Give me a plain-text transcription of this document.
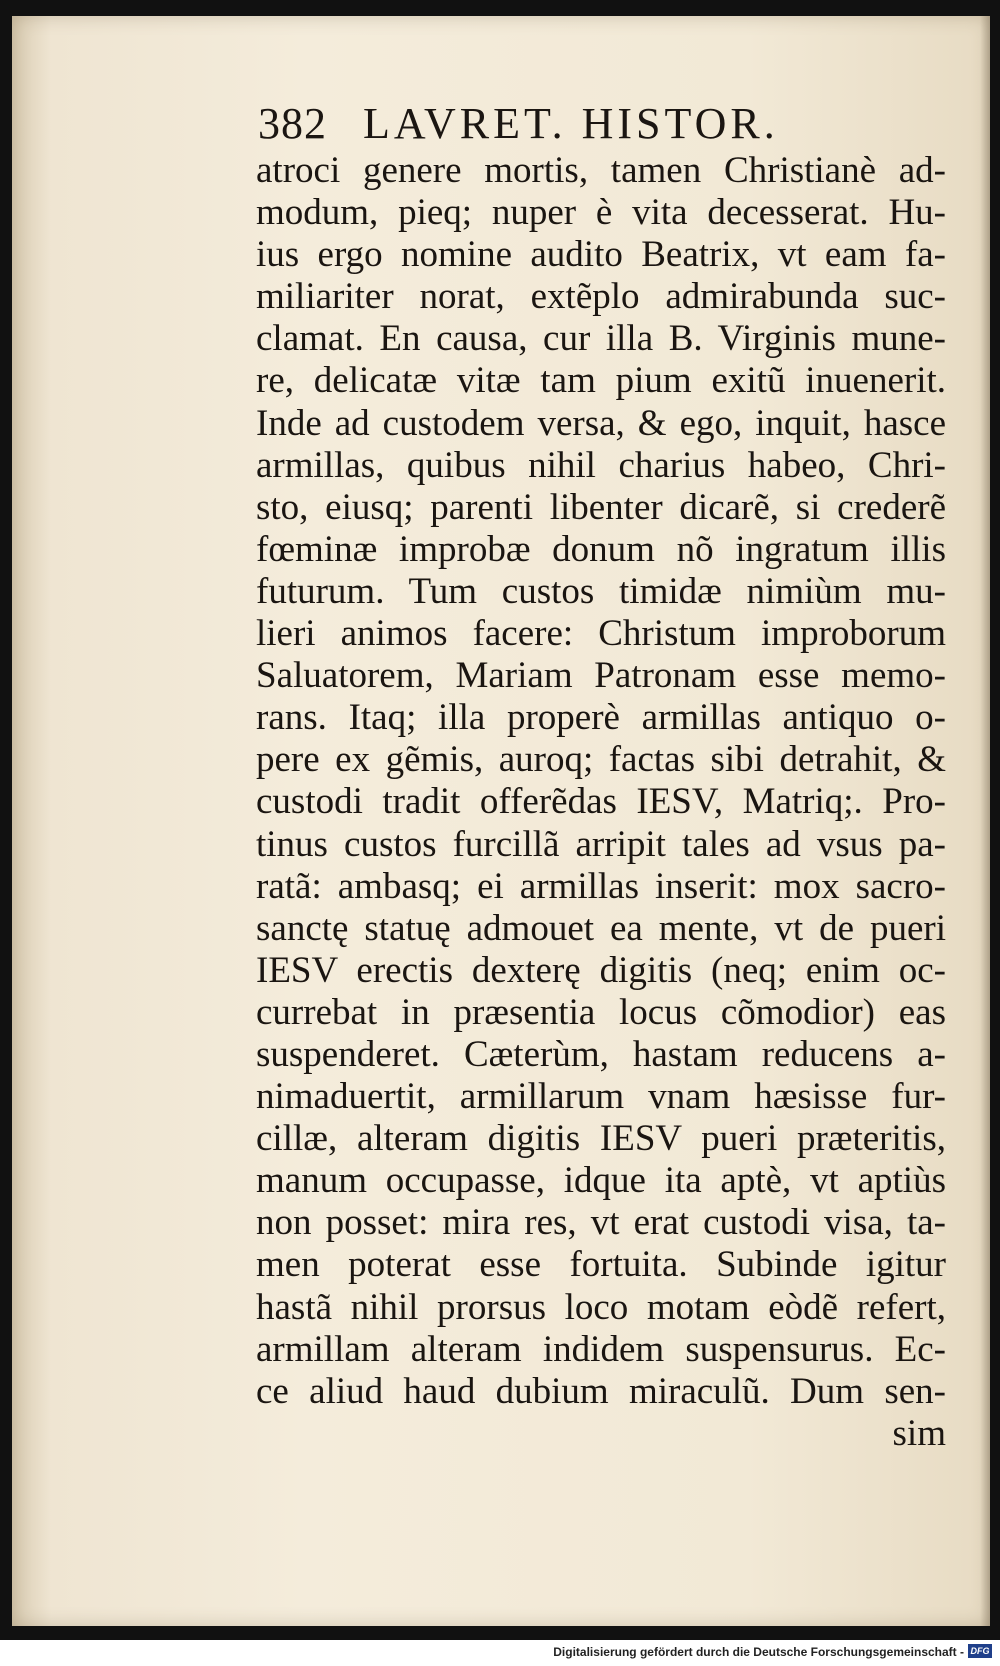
382 LAVRET. HISTOR.
atroci genere mortis, tamen Christianè ad-
modum, pieq; nuper è vita decesserat. Hu-
ius ergo nomine audito Beatrix, vt eam fa-
miliariter norat, extẽplo admirabunda suc-
clamat. En causa, cur illa B. Virginis mune-
re, delicatæ vitæ tam pium exitũ inuenerit.
Inde ad custodem versa, & ego, inquit, hasce
armillas, quibus nihil charius habeo, Chri-
sto, eiusq; parenti libenter dicarẽ, si crederẽ
fœminæ improbæ donum nõ ingratum illis
futurum. Tum custos timidæ nimiùm mu-
lieri animos facere: Christum improborum
Saluatorem, Mariam Patronam esse memo-
rans. Itaq; illa properè armillas antiquo o-
pere ex gẽmis, auroq; factas sibi detrahit, &
custodi tradit offerẽdas IESV, Matriq;. Pro-
tinus custos furcillã arripit tales ad vsus pa-
ratã: ambasq; ei armillas inserit: mox sacro-
sanctę statuę admouet ea mente, vt de pueri
IESV erectis dexterę digitis (neq; enim oc-
currebat in præsentia locus cõmodior) eas
suspenderet. Cæterùm, hastam reducens a-
nimaduertit, armillarum vnam hæsisse fur-
cillæ, alteram digitis IESV pueri præteritis,
manum occupasse, idque ita aptè, vt aptiùs
non posset: mira res, vt erat custodi visa, ta-
men poterat esse fortuita. Subinde igitur
hastã nihil prorsus loco motam eòdẽ refert,
armillam alteram indidem suspensurus. Ec-
ce aliud haud dubium miraculũ. Dum sen-
sim
Digitalisierung gefördert durch die Deutsche Forschungsgemeinschaft - DFG
